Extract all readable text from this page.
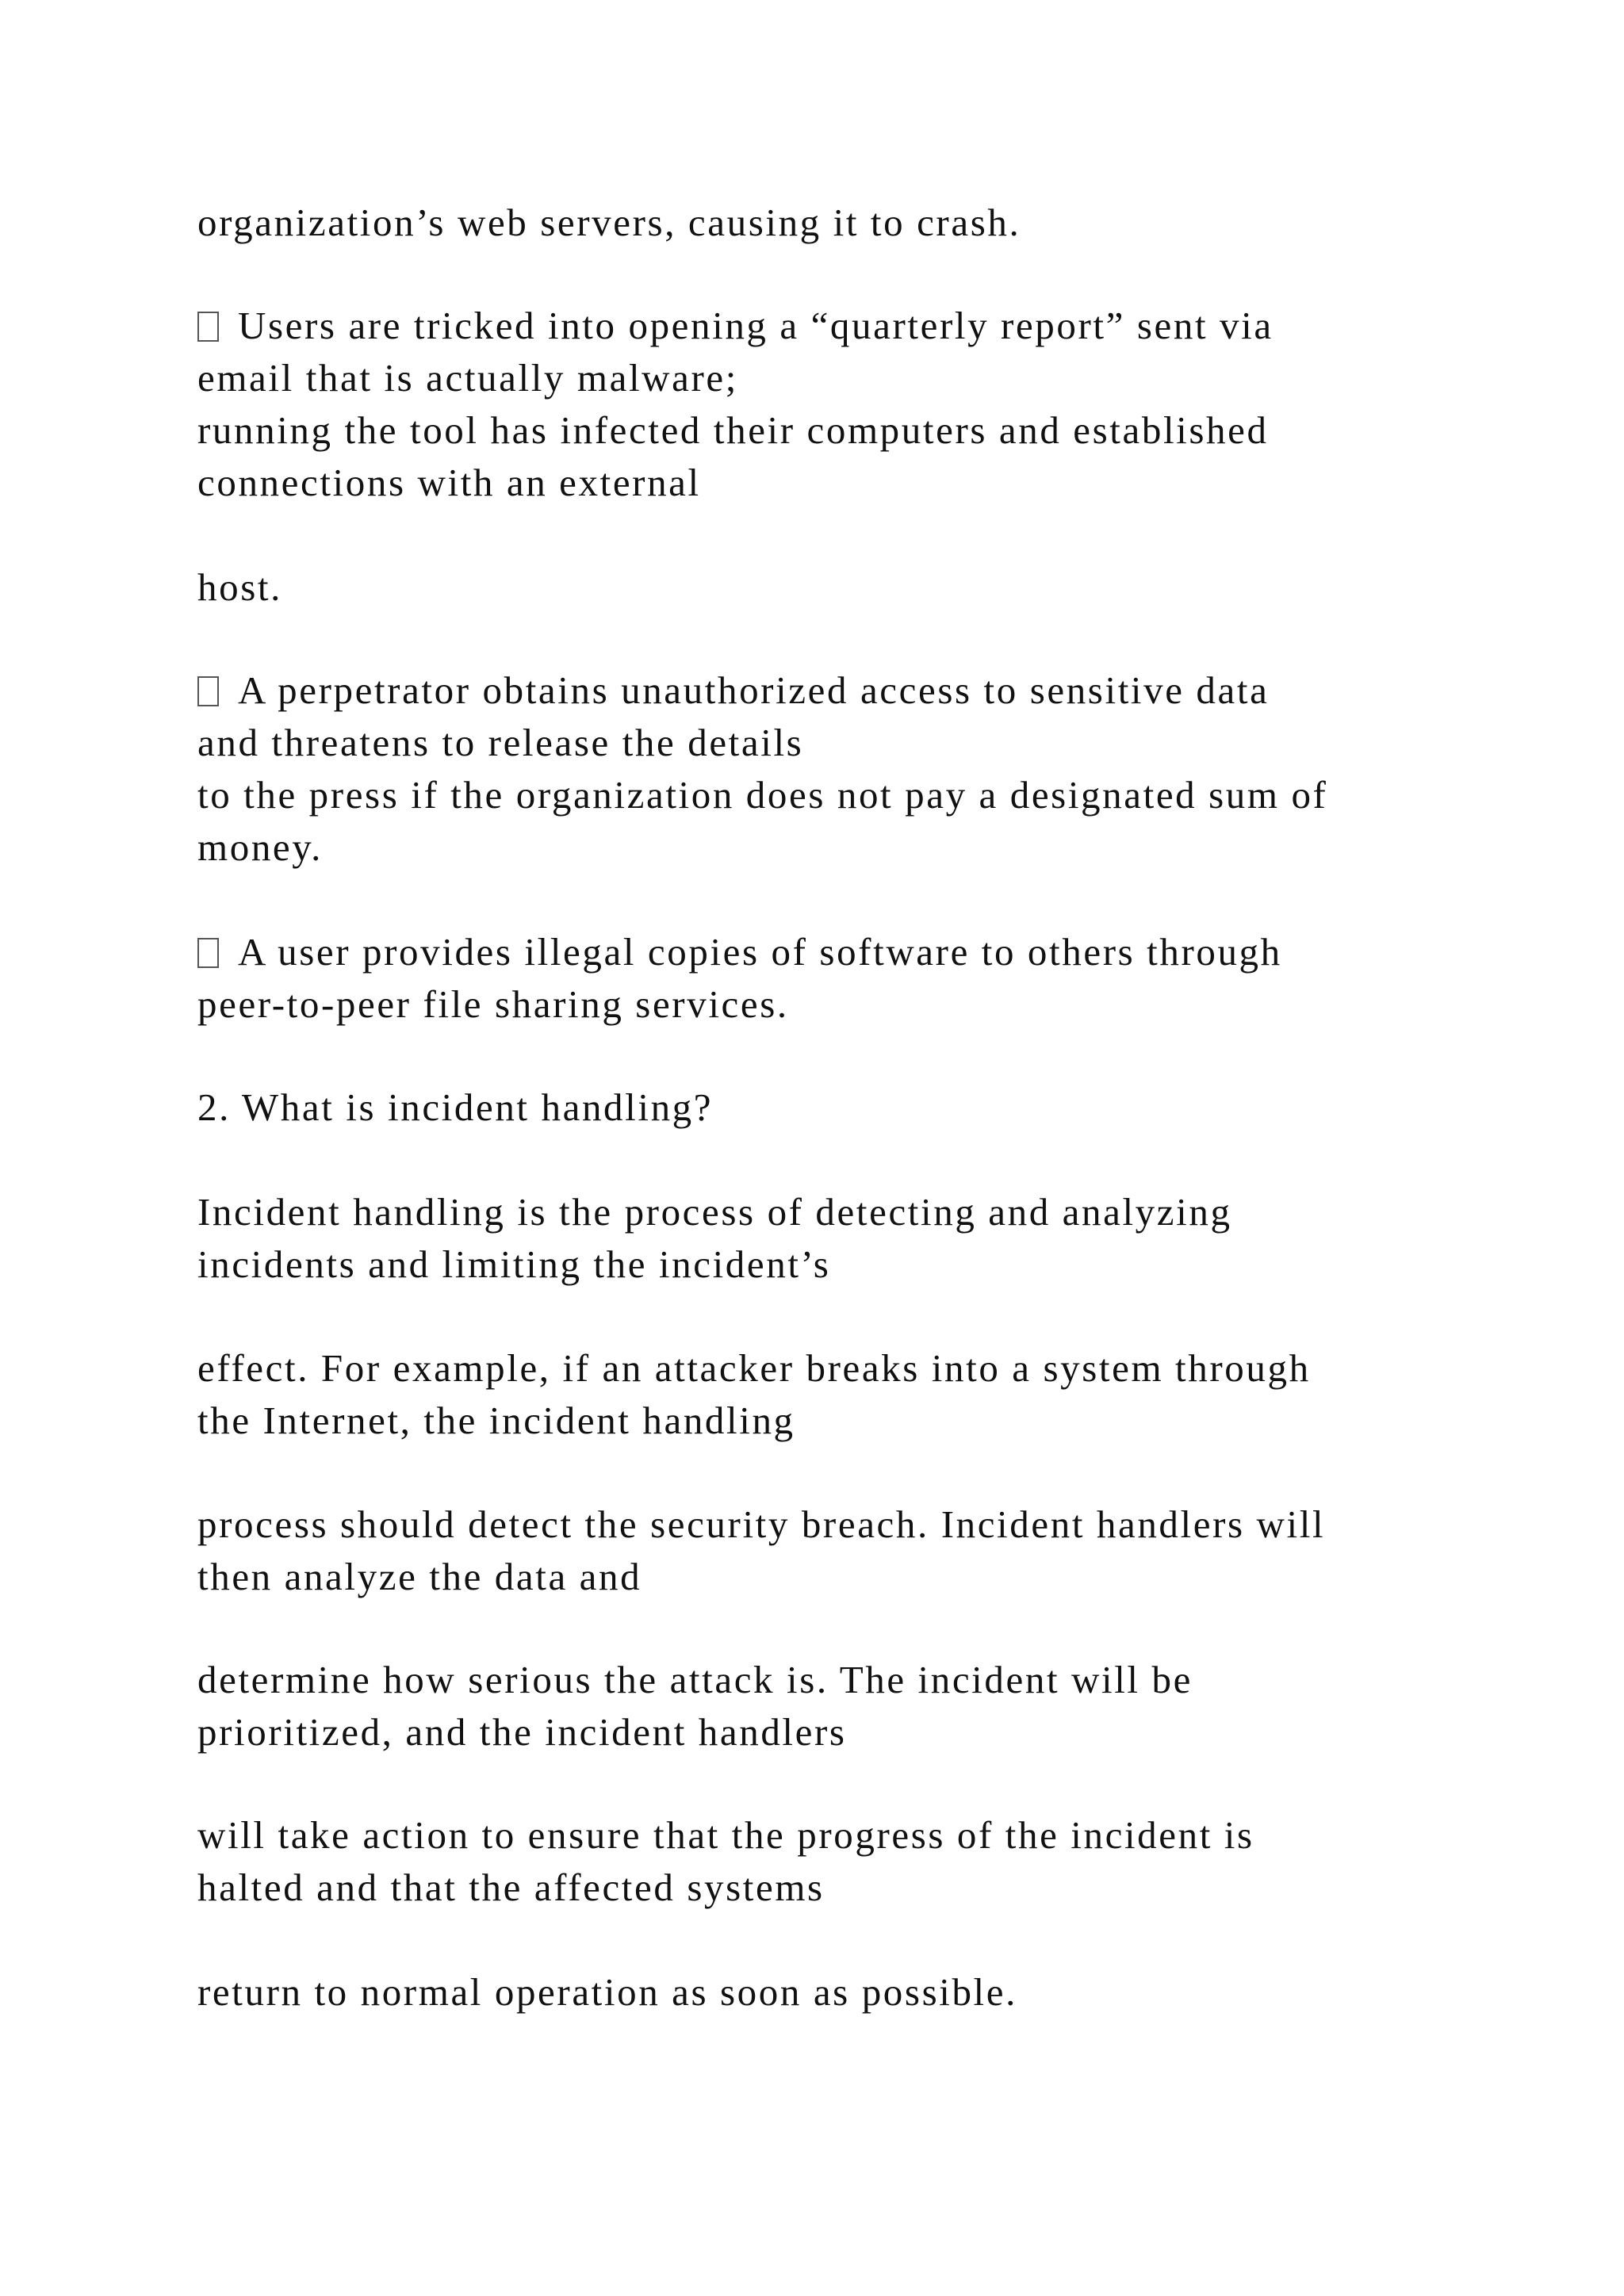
organization’s web servers, causing it to crash.

Users are tricked into opening a “quarterly report” sent via

email that is actually malware;

running the tool has infected their computers and established

connections with an external

host.

A perpetrator obtains unauthorized access to sensitive data

and threatens to release the details

to the press if the organization does not pay a designated sum of

money.

A user provides illegal copies of software to others through

peer-to-peer file sharing services.

2. What is incident handling?

Incident handling is the process of detecting and analyzing

incidents and limiting the incident’s

effect. For example, if an attacker breaks into a system through

the Internet, the incident handling

process should detect the security breach. Incident handlers will

then analyze the data and

determine how serious the attack is. The incident will be

prioritized, and the incident handlers

will take action to ensure that the progress of the incident is

halted and that the affected systems

return to normal operation as soon as possible.
